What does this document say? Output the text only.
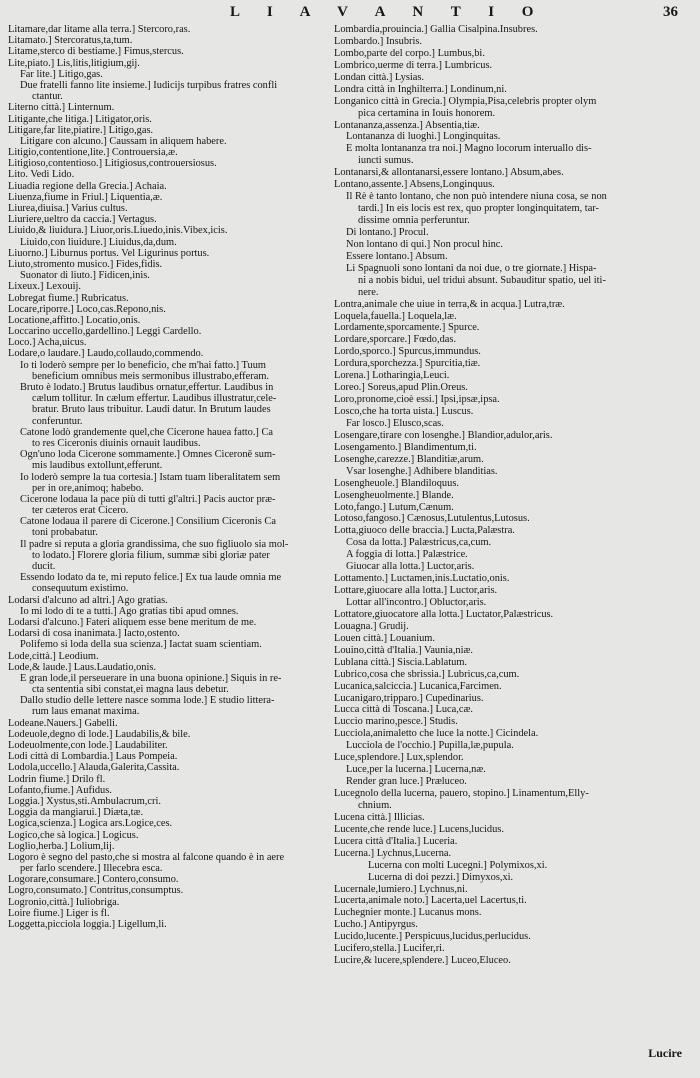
L I A V A N T I O	36
Litamare,dar litame alla terra.] Stercoro,ras.
Litamato.] Stercoratus,ta,tum.
Litame,sterco di bestiame.] Fimus,stercus.
Lite,piato.] Lis,litis,litigium,gij.
Far lite.] Litigo,gas.
Due fratelli fanno lite insieme.] Iudicijs turpibus fratres confli
ctantur.
Literno città.] Linternum.
Litigante,che litiga.] Litigator,oris.
Litigare,far lite,piatire.] Litigo,gas.
Litigare con alcuno.] Caussam in aliquem habere.
Litigio,contentione,lite.] Controuersia,æ.
Litigioso,contentioso.] Litigiosus,controuersiosus.
Lito. Vedi Lido.
Liuadia regione della Grecia.] Achaia.
Liuenza,fiume in Friul.] Liquentia,æ.
Liurea,diuisa.] Varius cultus.
Liuriere,ueltro da caccia.] Vertagus.
Liuido,& liuidura.] Liuor,oris.Liuedo,inis.Vibex,icis.
Liuido,con liuidure.] Liuidus,da,dum.
Liuorno.] Liburnus portus. Vel Ligurinus portus.
Liuto,stromento musico.] Fides,fidis.
Suonator di liuto.] Fidicen,inis.
Lixeux.] Lexouij.
Lobregat fiume.] Rubricatus.
Locare,riporre.] Loco,cas.Repono,nis.
Locatione,affitto.] Locatio,onis.
Loccarino uccello,gardellino.] Leggi Cardello.
Loco.] Acha,uicus.
Lodare,o laudare.] Laudo,collaudo,commendo.
Io ti loderò sempre per lo beneficio, che m'hai fatto.] Tuum
beneficium omnibus meis sermonibus illustrabo,efferam.
Bruto è lodato.] Brutus laudibus ornatur,effertur. Laudibus in
cælum tollitur. In cælum effertur. Laudibus illustratur,cele-
bratur. Bruto laus tribuitur. Laudi datur. In Brutum laudes
conferuntur.
Catone lodò grandemente quel,che Cicerone hauea fatto.] Ca
to res Ciceronis diuinis ornauit laudibus.
Ogn'uno loda Cicerone sommamente.] Omnes Ciceronē sum-
mis laudibus extollunt,efferunt.
Io loderò sempre la tua cortesia.] Istam tuam liberalitatem sem
per in ore,animoq; habebo.
Cicerone lodaua la pace più di tutti gl'altri.] Pacis auctor præ-
ter cæteros erat Cicero.
Catone lodaua il parere di Cicerone.] Consilium Ciceronis Ca
toni probabatur.
Il padre si reputa a gloria grandissima, che suo figliuolo sia mol-
to lodato.] Florere gloria filium, summæ sibi gloriæ pater
ducit.
Essendo lodato da te, mi reputo felice.] Ex tua laude omnia me
consequutum existimo.
Lodarsi d'alcuno ad altri.] Ago gratias.
Io mi lodo di te a tutti.] Ago gratias tibi apud omnes.
Lodarsi d'alcuno.] Fateri aliquem esse bene meritum de me.
Lodarsi di cosa inanimata.] Iacto,ostento.
Polifemo si loda della sua scienza.] Iactat suam scientiam.
Lode,città.] Leodium.
Lode,& laude.] Laus.Laudatio,onis.
E gran lode,il perseuerare in una buona opinione.] Siquis in re-
cta sententia sibi constat,ei magna laus debetur.
Dallo studio delle lettere nasce somma lode.] E studio littera-
rum laus emanat maxima.
Lodeane.Nauers.] Gabelli.
Lodeuole,degno di lode.] Laudabilis,& bile.
Lodeuolmente,con lode.] Laudabiliter.
Lodi città di Lombardia.] Laus Pompeia.
Lodola,uccello.] Alauda,Galerita,Cassita.
Lodrin fiume.] Drilo fl.
Lofanto,fiume.] Aufidus.
Loggia.] Xystus,sti.Ambulacrum,cri.
Loggia da mangiarui.] Diæta,tæ.
Logica,scienza.] Logica ars.Logice,ces.
Logico,che sà logica.] Logicus.
Loglio,herba.] Lolium,lij.
Logoro è segno del pasto,che si mostra al falcone quando è in aere
per farlo scendere.] Illecebra esca.
Logorare,consumare.] Contero,consumo.
Logro,consumato.] Contritus,consumptus.
Logronio,città.] Iuliobriga.
Loire fiume.] Liger is fl.
Loggetta,picciola loggia.] Ligellum,li.
Lombardia,prouincia.] Gallia Cisalpina.Insubres.
Lombardo.] Insubris.
Lombo,parte del corpo.] Lumbus,bi.
Lombrico,uerme di terra.] Lumbricus.
Londan città.] Lysias.
Londra città in Inghilterra.] Londinum,ni.
Longanico città in Grecia.] Olympia,Pisa,celebris propter olym
pica certamina in Iouis honorem.
Lontananza,assenza.] Absentia,tiæ.
Lontananza di luoghi.] Longinquitas.
E molta lontananza tra noi.] Magno locorum interuallo dis-
iuncti sumus.
Lontanarsi,& allontanarsi,essere lontano.] Absum,abes.
Lontano,assente.] Absens,Longinquus.
Il Rè è tanto lontano, che non può intendere niuna cosa, se non
tardi.] In eis locis est rex, quo propter longinquitatem, tar-
dissime omnia perferuntur.
Di lontano.] Procul.
Non lontano di qui.] Non procul hinc.
Essere lontano.] Absum.
Li Spagnuoli sono lontani da noi due, o tre giornate.] Hispa-
ni a nobis bidui, uel tridui absunt. Subauditur spatio, uel iti-
nere.
Lontra,animale che uiue in terra,& in acqua.] Lutra,træ.
Loquela,fauella.] Loquela,læ.
Lordamente,sporcamente.] Spurce.
Lordare,sporcare.] Fœdo,das.
Lordo,sporco.] Spurcus,immundus.
Lordura,sporchezza.] Spurcitia,tiæ.
Lorena.] Lotharingia,Leuci.
Loreo.] Soreus,apud Plin.Oreus.
Loro,pronome,cioè essi.] Ipsi,ipsæ,ipsa.
Losco,che ha torta uista.] Luscus.
Far losco.] Elusco,scas.
Losengare,tirare con losenghe.] Blandior,adulor,aris.
Losengamento.] Blandimentum,ti.
Losenghe,carezze.] Blanditiæ,arum.
Vsar losenghe.] Adhibere blanditias.
Losengheuole.] Blandiloquus.
Losengheuolmente.] Blande.
Loto,fango.] Lutum,Cænum.
Lotoso,fangoso.] Cænosus,Lutulentus,Lutosus.
Lotta,giuoco delle braccia.] Lucta,Palæstra.
Cosa da lotta.] Palæstricus,ca,cum.
A foggia di lotta.] Palæstrice.
Giuocar alla lotta.] Luctor,aris.
Lottamento.] Luctamen,inis.Luctatio,onis.
Lottare,giuocare alla lotta.] Luctor,aris.
Lottar all'incontro.] Obluctor,aris.
Lottatore,giuocatore alla lotta.] Luctator,Palæstricus.
Louagna.] Grudij.
Louen città.] Louanium.
Louino,città d'Italia.] Vaunia,niæ.
Lublana città.] Siscia.Lablatum.
Lubrico,cosa che sbrissia.] Lubricus,ca,cum.
Lucanica,salciccia.] Lucanica,Farcimen.
Lucanigaro,tripparo.] Cupedinarius.
Lucca città di Toscana.] Luca,cæ.
Luccio marino,pesce.] Studis.
Lucciola,animaletto che luce la notte.] Cicindela.
Lucciola de l'occhio.] Pupilla,læ,pupula.
Luce,splendore.] Lux,splendor.
Luce,per la lucerna.] Lucerna,næ.
Render gran luce.] Præluceo.
Lucegnolo della lucerna, pauero, stopino.] Linamentum,Elly-
chnium.
Lucena città.] Illicias.
Lucente,che rende luce.] Lucens,lucidus.
Lucera città d'Italia.] Luceria.
Lucerna.] Lychnus,Lucerna.
Lucerna con molti Lucegni.] Polymixos,xi.
Lucerna di doi pezzi.] Dimyxos,xi.
Lucernale,lumiero.] Lychnus,ni.
Lucerta,animale noto.] Lacerta,uel Lacertus,ti.
Luchegnier monte.] Lucanus mons.
Lucho.] Antipyrgus.
Lucido,lucente.] Perspicuus,lucidus,perlucidus.
Lucifero,stella.] Lucifer,ri.
Lucire,& lucere,splendere.] Luceo,Eluceo.
Lucire
